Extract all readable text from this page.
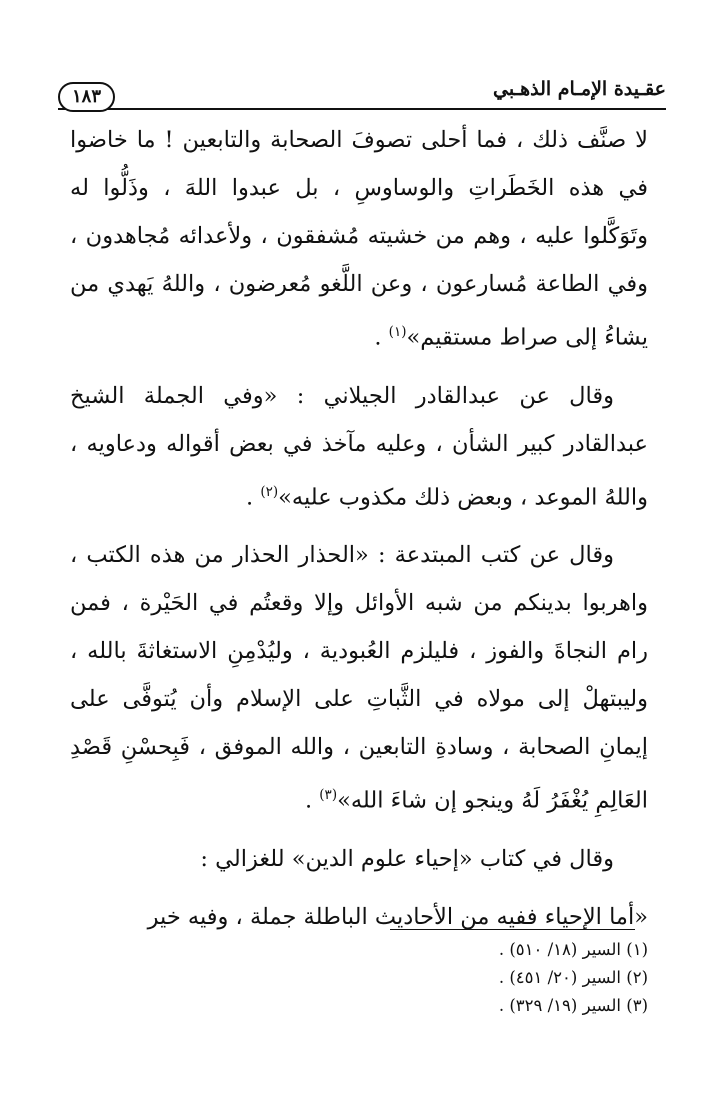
عقـيدة الإمـام الذهـبي
١٨٣

لا صنَّف ذلك ، فما أحلى تصوفَ الصحابة والتابعين ! ما خاضوا في هذه الخَطَراتِ والوساوسِ ، بل عبدوا اللهَ ، وذَلُّوا له وتَوَكَّلوا عليه ، وهم من خشيته مُشفقون ، ولأعدائه مُجاهدون ، وفي الطاعة مُسارعون ، وعن اللَّغو مُعرضون ، واللهُ يَهدي من يشاءُ إلى صراط مستقيم»$^{(١)}$ .

وقال عن عبدالقادر الجيلاني : «وفي الجملة الشيخ عبدالقادر كبير الشأن ، وعليه مآخذ في بعض أقواله ودعاويه ، واللهُ الموعد ، وبعض ذلك مكذوب عليه»$^{(٢)}$ .

وقال عن كتب المبتدعة : «الحذار الحذار من هذه الكتب ، واهربوا بدينكم من شبه الأوائل وإلا وقعتُم في الحَيْرة ، فمن رام النجاةَ والفوز ، فليلزم العُبودية ، وليُدْمِنِ الاستغاثةَ بالله ، وليبتهلْ إلى مولاه في الثَّباتِ على الإسلام وأن يُتوفَّى على إيمانِ الصحابة ، وسادةِ التابعين ، والله الموفق ، فَبِحسْنِ قَصْدِ العَالِمِ يُغْفَرُ لَهُ وينجو إن شاءَ الله»$^{(٣)}$ .

وقال في كتاب «إحياء علوم الدين» للغزالي :

«أما الإحياء ففيه من الأحاديث الباطلة جملة ، وفيه خير

(١) السير (١٨/ ٥١٠) .
(٢) السير (٢٠/ ٤٥١) .
(٣) السير (١٩/ ٣٢٩) .
